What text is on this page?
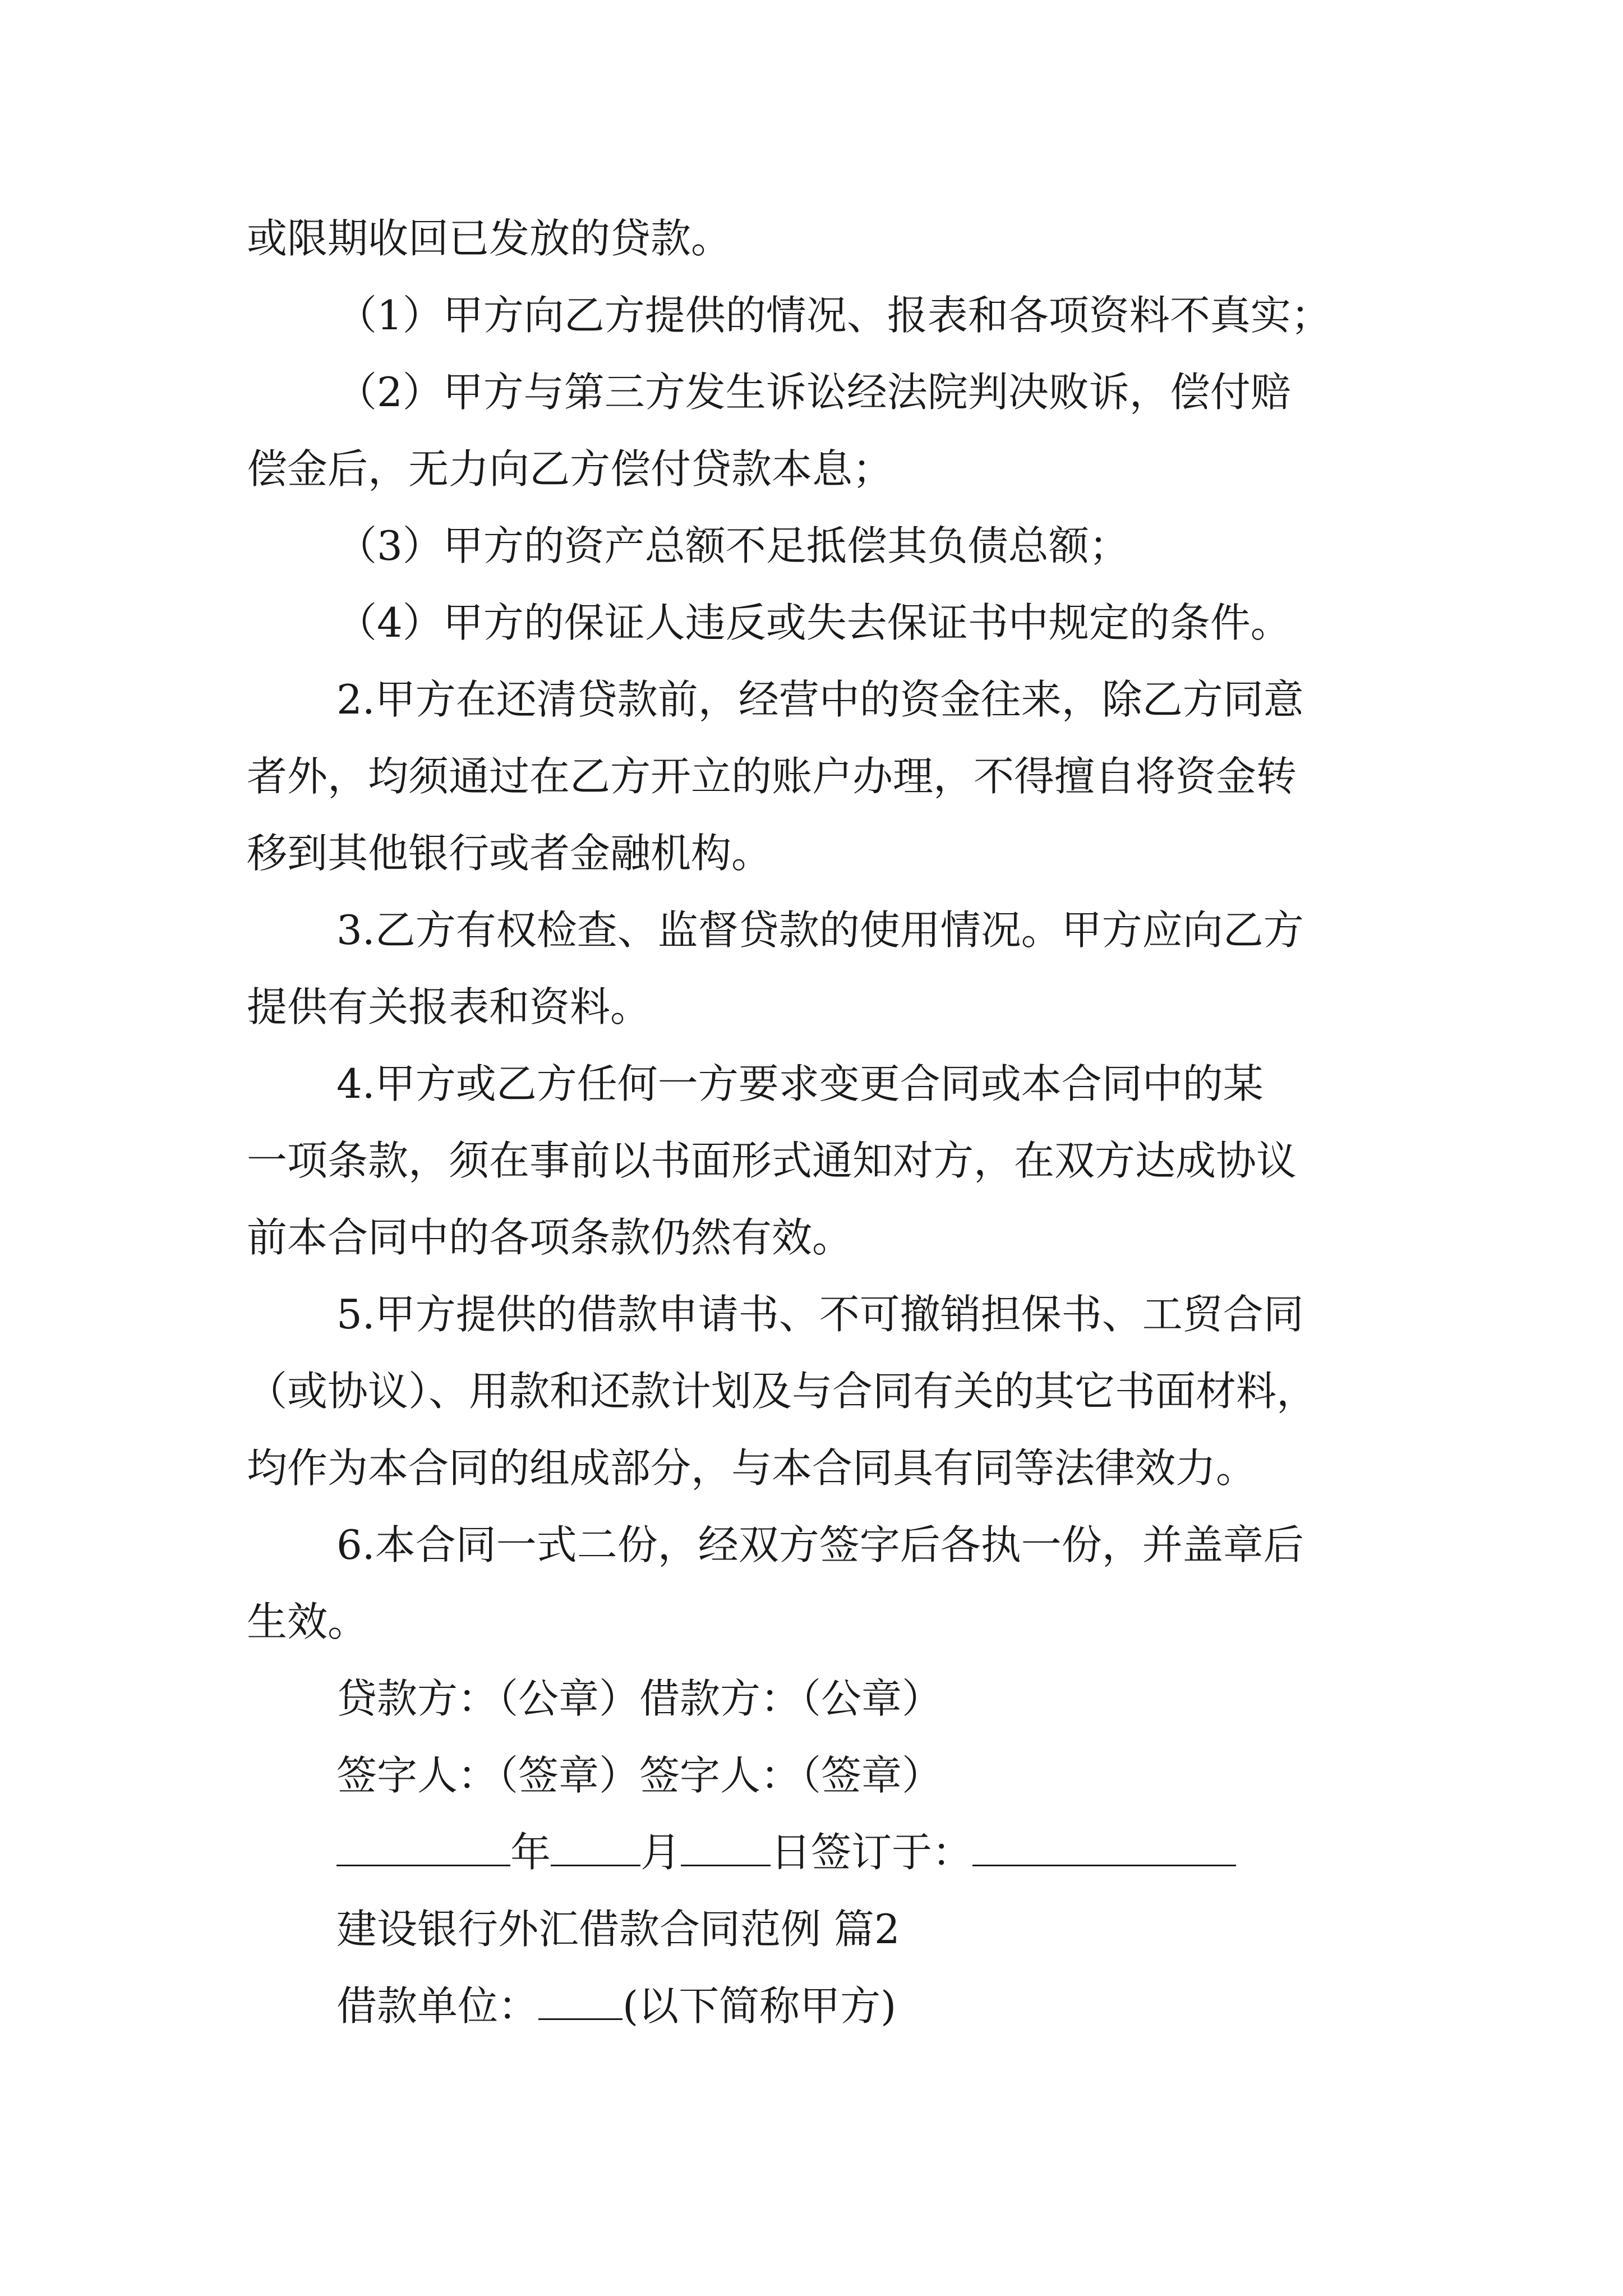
或限期收回已发放的贷款。
（1）甲方向乙方提供的情况、报表和各项资料不真实；
（2）甲方与第三方发生诉讼经法院判决败诉，偿付赔
偿金后，无力向乙方偿付贷款本息；
（3）甲方的资产总额不足抵偿其负债总额；
（4）甲方的保证人违反或失去保证书中规定的条件。
2.甲方在还清贷款前，经营中的资金往来，除乙方同意
者外，均须通过在乙方开立的账户办理，不得擅自将资金转
移到其他银行或者金融机构。
3.乙方有权检查、监督贷款的使用情况。甲方应向乙方
提供有关报表和资料。
4.甲方或乙方任何一方要求变更合同或本合同中的某
一项条款，须在事前以书面形式通知对方，在双方达成协议
前本合同中的各项条款仍然有效。
5.甲方提供的借款申请书、不可撤销担保书、工贸合同
（或协议）、用款和还款计划及与合同有关的其它书面材料，
均作为本合同的组成部分，与本合同具有同等法律效力。
6.本合同一式二份，经双方签字后各执一份，并盖章后
生效。
贷款方：（公章）借款方：（公章）
签字人：（签章）签字人：（签章）
年 月 日签订于：
建设银行外汇借款合同范例 篇2
借款单位： (以下简称甲方)
